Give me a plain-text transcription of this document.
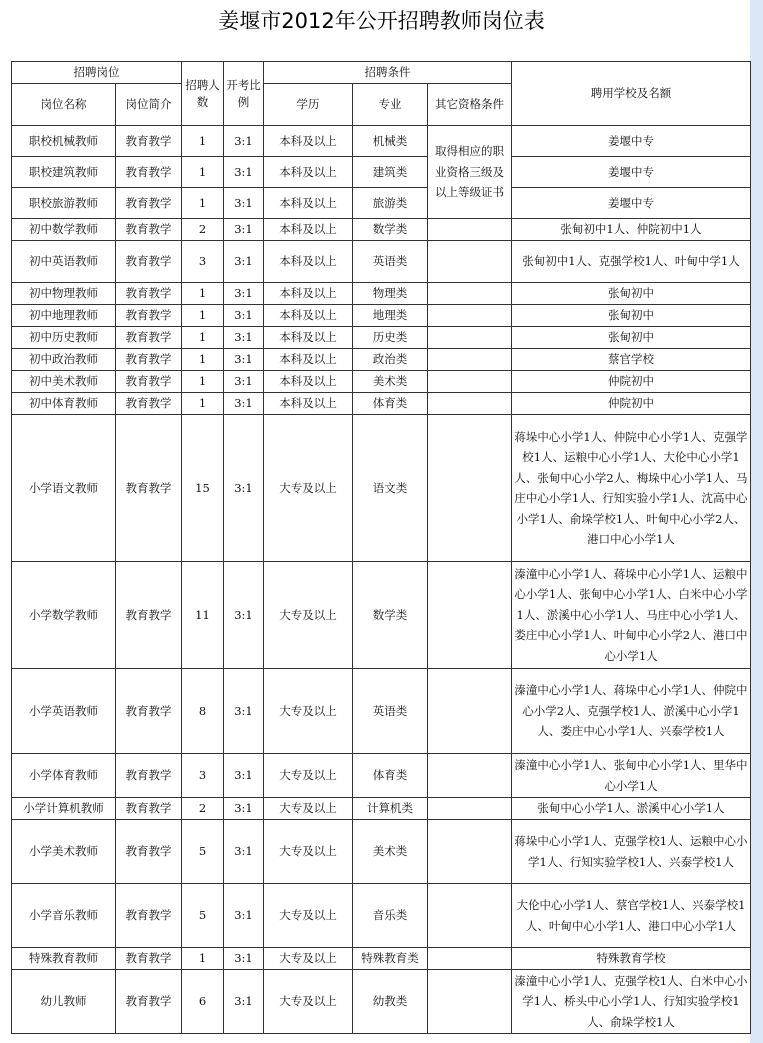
姜堰市2012年公开招聘教师岗位表
招聘岗位		招聘人数	开考比例	招聘条件			聘用学校及名额
岗位名称	岗位简介			学历	专业	其它资格条件	
职校机械教师	教育教学	1	3:1	本科及以上	机械类	取得相应的职业资格三级及以上等级证书	姜堰中专
职校建筑教师	教育教学	1	3:1	本科及以上	建筑类		姜堰中专
职校旅游教师	教育教学	1	3:1	本科及以上	旅游类		姜堰中专
初中数学教师	教育教学	2	3:1	本科及以上	数学类		张甸初中1人、仲院初中1人
初中英语教师	教育教学	3	3:1	本科及以上	英语类		张甸初中1人、克强学校1人、叶甸中学1人
初中物理教师	教育教学	1	3:1	本科及以上	物理类		张甸初中
初中地理教师	教育教学	1	3:1	本科及以上	地理类		张甸初中
初中历史教师	教育教学	1	3:1	本科及以上	历史类		张甸初中
初中政治教师	教育教学	1	3:1	本科及以上	政治类		蔡官学校
初中美术教师	教育教学	1	3:1	本科及以上	美术类		仲院初中
初中体育教师	教育教学	1	3:1	本科及以上	体育类		仲院初中
小学语文教师	教育教学	15	3:1	大专及以上	语文类		蒋垛中心小学1人、仲院中心小学1人、克强学校1人、运粮中心小学1人、大伦中心小学1人、张甸中心小学2人、梅垛中心小学1人、马庄中心小学1人、行知实验小学1人、沈高中心小学1人、俞垛学校1人、叶甸中心小学2人、港口中心小学1人
小学数学教师	教育教学	11	3:1	大专及以上	数学类		溱潼中心小学1人、蒋垛中心小学1人、运粮中心小学1人、张甸中心小学1人、白米中心小学1人、淤溪中心小学1人、马庄中心小学1人、娄庄中心小学1人、叶甸中心小学2人、港口中心小学1人
小学英语教师	教育教学	8	3:1	大专及以上	英语类		溱潼中心小学1人、蒋垛中心小学1人、仲院中心小学2人、克强学校1人、淤溪中心小学1人、娄庄中心小学1人、兴泰学校1人
小学体育教师	教育教学	3	3:1	大专及以上	体育类		溱潼中心小学1人、张甸中心小学1人、里华中心小学1人
小学计算机教师	教育教学	2	3:1	大专及以上	计算机类		张甸中心小学1人、淤溪中心小学1人
小学美术教师	教育教学	5	3:1	大专及以上	美术类		蒋垛中心小学1人、克强学校1人、运粮中心小学1人、行知实验学校1人、兴泰学校1人
小学音乐教师	教育教学	5	3:1	大专及以上	音乐类		大伦中心小学1人、蔡官学校1人、兴泰学校1人、叶甸中心小学1人、港口中心小学1人
特殊教育教师	教育教学	1	3:1	大专及以上	特殊教育类		特殊教育学校
幼儿教师	教育教学	6	3:1	大专及以上	幼教类		溱潼中心小学1人、克强学校1人、白米中心小学1人、桥头中心小学1人、行知实验学校1人、俞垛学校1人
